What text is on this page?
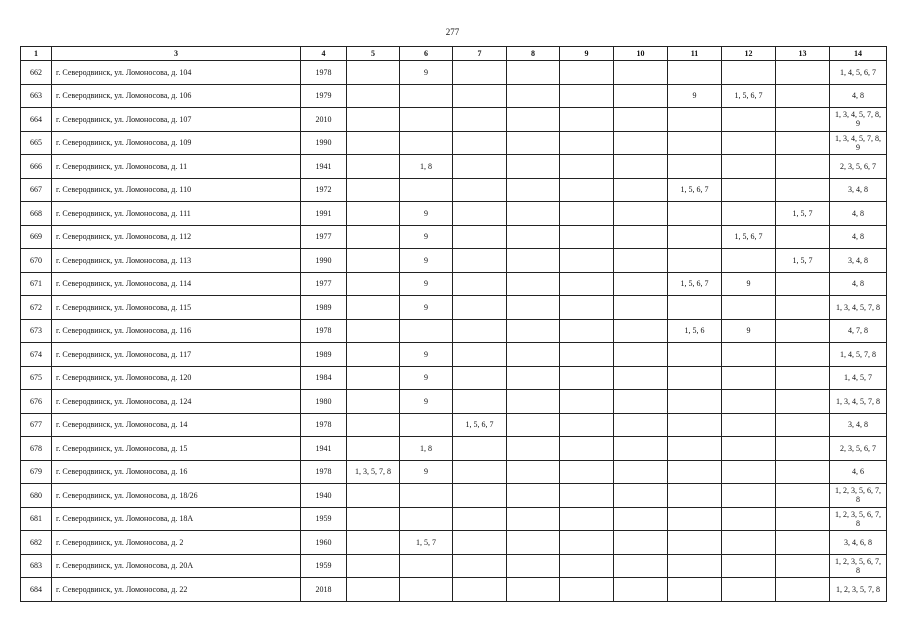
277
1	3	4	5	6	7	8	9	10	11	12	13	14
662	г. Северодвинск, ул. Ломоносова, д. 104	1978		9								1, 4, 5, 6, 7
663	г. Северодвинск, ул. Ломоносова, д. 106	1979							9	1, 5, 6, 7		4, 8
664	г. Северодвинск, ул. Ломоносова, д. 107	2010										1, 3, 4, 5, 7, 8, 9
665	г. Северодвинск, ул. Ломоносова, д. 109	1990										1, 3, 4, 5, 7, 8, 9
666	г. Северодвинск, ул. Ломоносова, д. 11	1941		1, 8								2, 3, 5, 6, 7
667	г. Северодвинск, ул. Ломоносова, д. 110	1972							1, 5, 6, 7			3, 4, 8
668	г. Северодвинск, ул. Ломоносова, д. 111	1991		9							1, 5, 7	4, 8
669	г. Северодвинск, ул. Ломоносова, д. 112	1977		9						1, 5, 6, 7		4, 8
670	г. Северодвинск, ул. Ломоносова, д. 113	1990		9							1, 5, 7	3, 4, 8
671	г. Северодвинск, ул. Ломоносова, д. 114	1977		9					1, 5, 6, 7	9		4, 8
672	г. Северодвинск, ул. Ломоносова, д. 115	1989		9								1, 3, 4, 5, 7, 8
673	г. Северодвинск, ул. Ломоносова, д. 116	1978							1, 5, 6	9		4, 7, 8
674	г. Северодвинск, ул. Ломоносова, д. 117	1989		9								1, 4, 5, 7, 8
675	г. Северодвинск, ул. Ломоносова, д. 120	1984		9								1, 4, 5, 7
676	г. Северодвинск, ул. Ломоносова, д. 124	1980		9								1, 3, 4, 5, 7, 8
677	г. Северодвинск, ул. Ломоносова, д. 14	1978			1, 5, 6, 7							3, 4, 8
678	г. Северодвинск, ул. Ломоносова, д. 15	1941		1, 8								2, 3, 5, 6, 7
679	г. Северодвинск, ул. Ломоносова, д. 16	1978	1, 3, 5, 7, 8	9								4, 6
680	г. Северодвинск, ул. Ломоносова, д. 18/26	1940										1, 2, 3, 5, 6, 7, 8
681	г. Северодвинск, ул. Ломоносова, д. 18А	1959										1, 2, 3, 5, 6, 7, 8
682	г. Северодвинск, ул. Ломоносова, д. 2	1960		1, 5, 7								3, 4, 6, 8
683	г. Северодвинск, ул. Ломоносова, д. 20А	1959										1, 2, 3, 5, 6, 7, 8
684	г. Северодвинск, ул. Ломоносова, д. 22	2018										1, 2, 3, 5, 7, 8
